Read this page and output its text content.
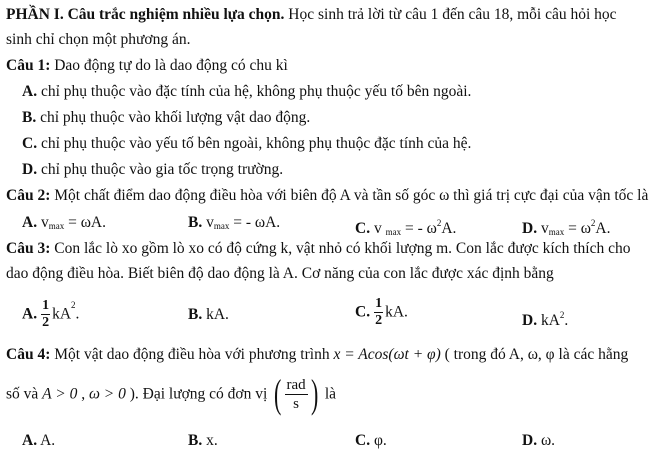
PHẦN I. Câu trắc nghiệm nhiều lựa chọn. Học sinh trả lời từ câu 1 đến câu 18, mỗi câu hỏi học
sinh chỉ chọn một phương án.
Câu 1: Dao động tự do là dao động có chu kì
A. chỉ phụ thuộc vào đặc tính của hệ, không phụ thuộc yếu tố bên ngoài.
B. chỉ phụ thuộc vào khối lượng vật dao động.
C. chỉ phụ thuộc vào yếu tố bên ngoài, không phụ thuộc đặc tính của hệ.
D. chỉ phụ thuộc vào gia tốc trọng trường.
Câu 2: Một chất điểm dao động điều hòa với biên độ A và tần số góc ω thì giá trị cực đại của vận tốc là
A. $v_{max} = \omega A$.	B. $v_{max}$ = - ωA.	C. v $_{max}$ = - $\omega^2A$.	D. $v_{max} = \omega^2A$.
Câu 3: Con lắc lò xo gồm lò xo có độ cứng k, vật nhỏ có khối lượng m. Con lắc được kích thích cho
dao động điều hòa. Biết biên độ dao động là A. Cơ năng của con lắc được xác định bằng
A. $\frac{1}{2} kA^2$.	B. kA.	C. $\frac{1}{2}$ kA.	D. $kA^2$.
Câu 4: Một vật dao động điều hòa với phương trình x = Acos(ωt + φ) ( trong đó A, ω, φ là các hằng
số và A > 0 , ω > 0 ). Đại lượng có đơn vị ( $\frac{\text{rad}}{s}$ ) là
A. A.	B. x.	C. φ.	D. ω.
